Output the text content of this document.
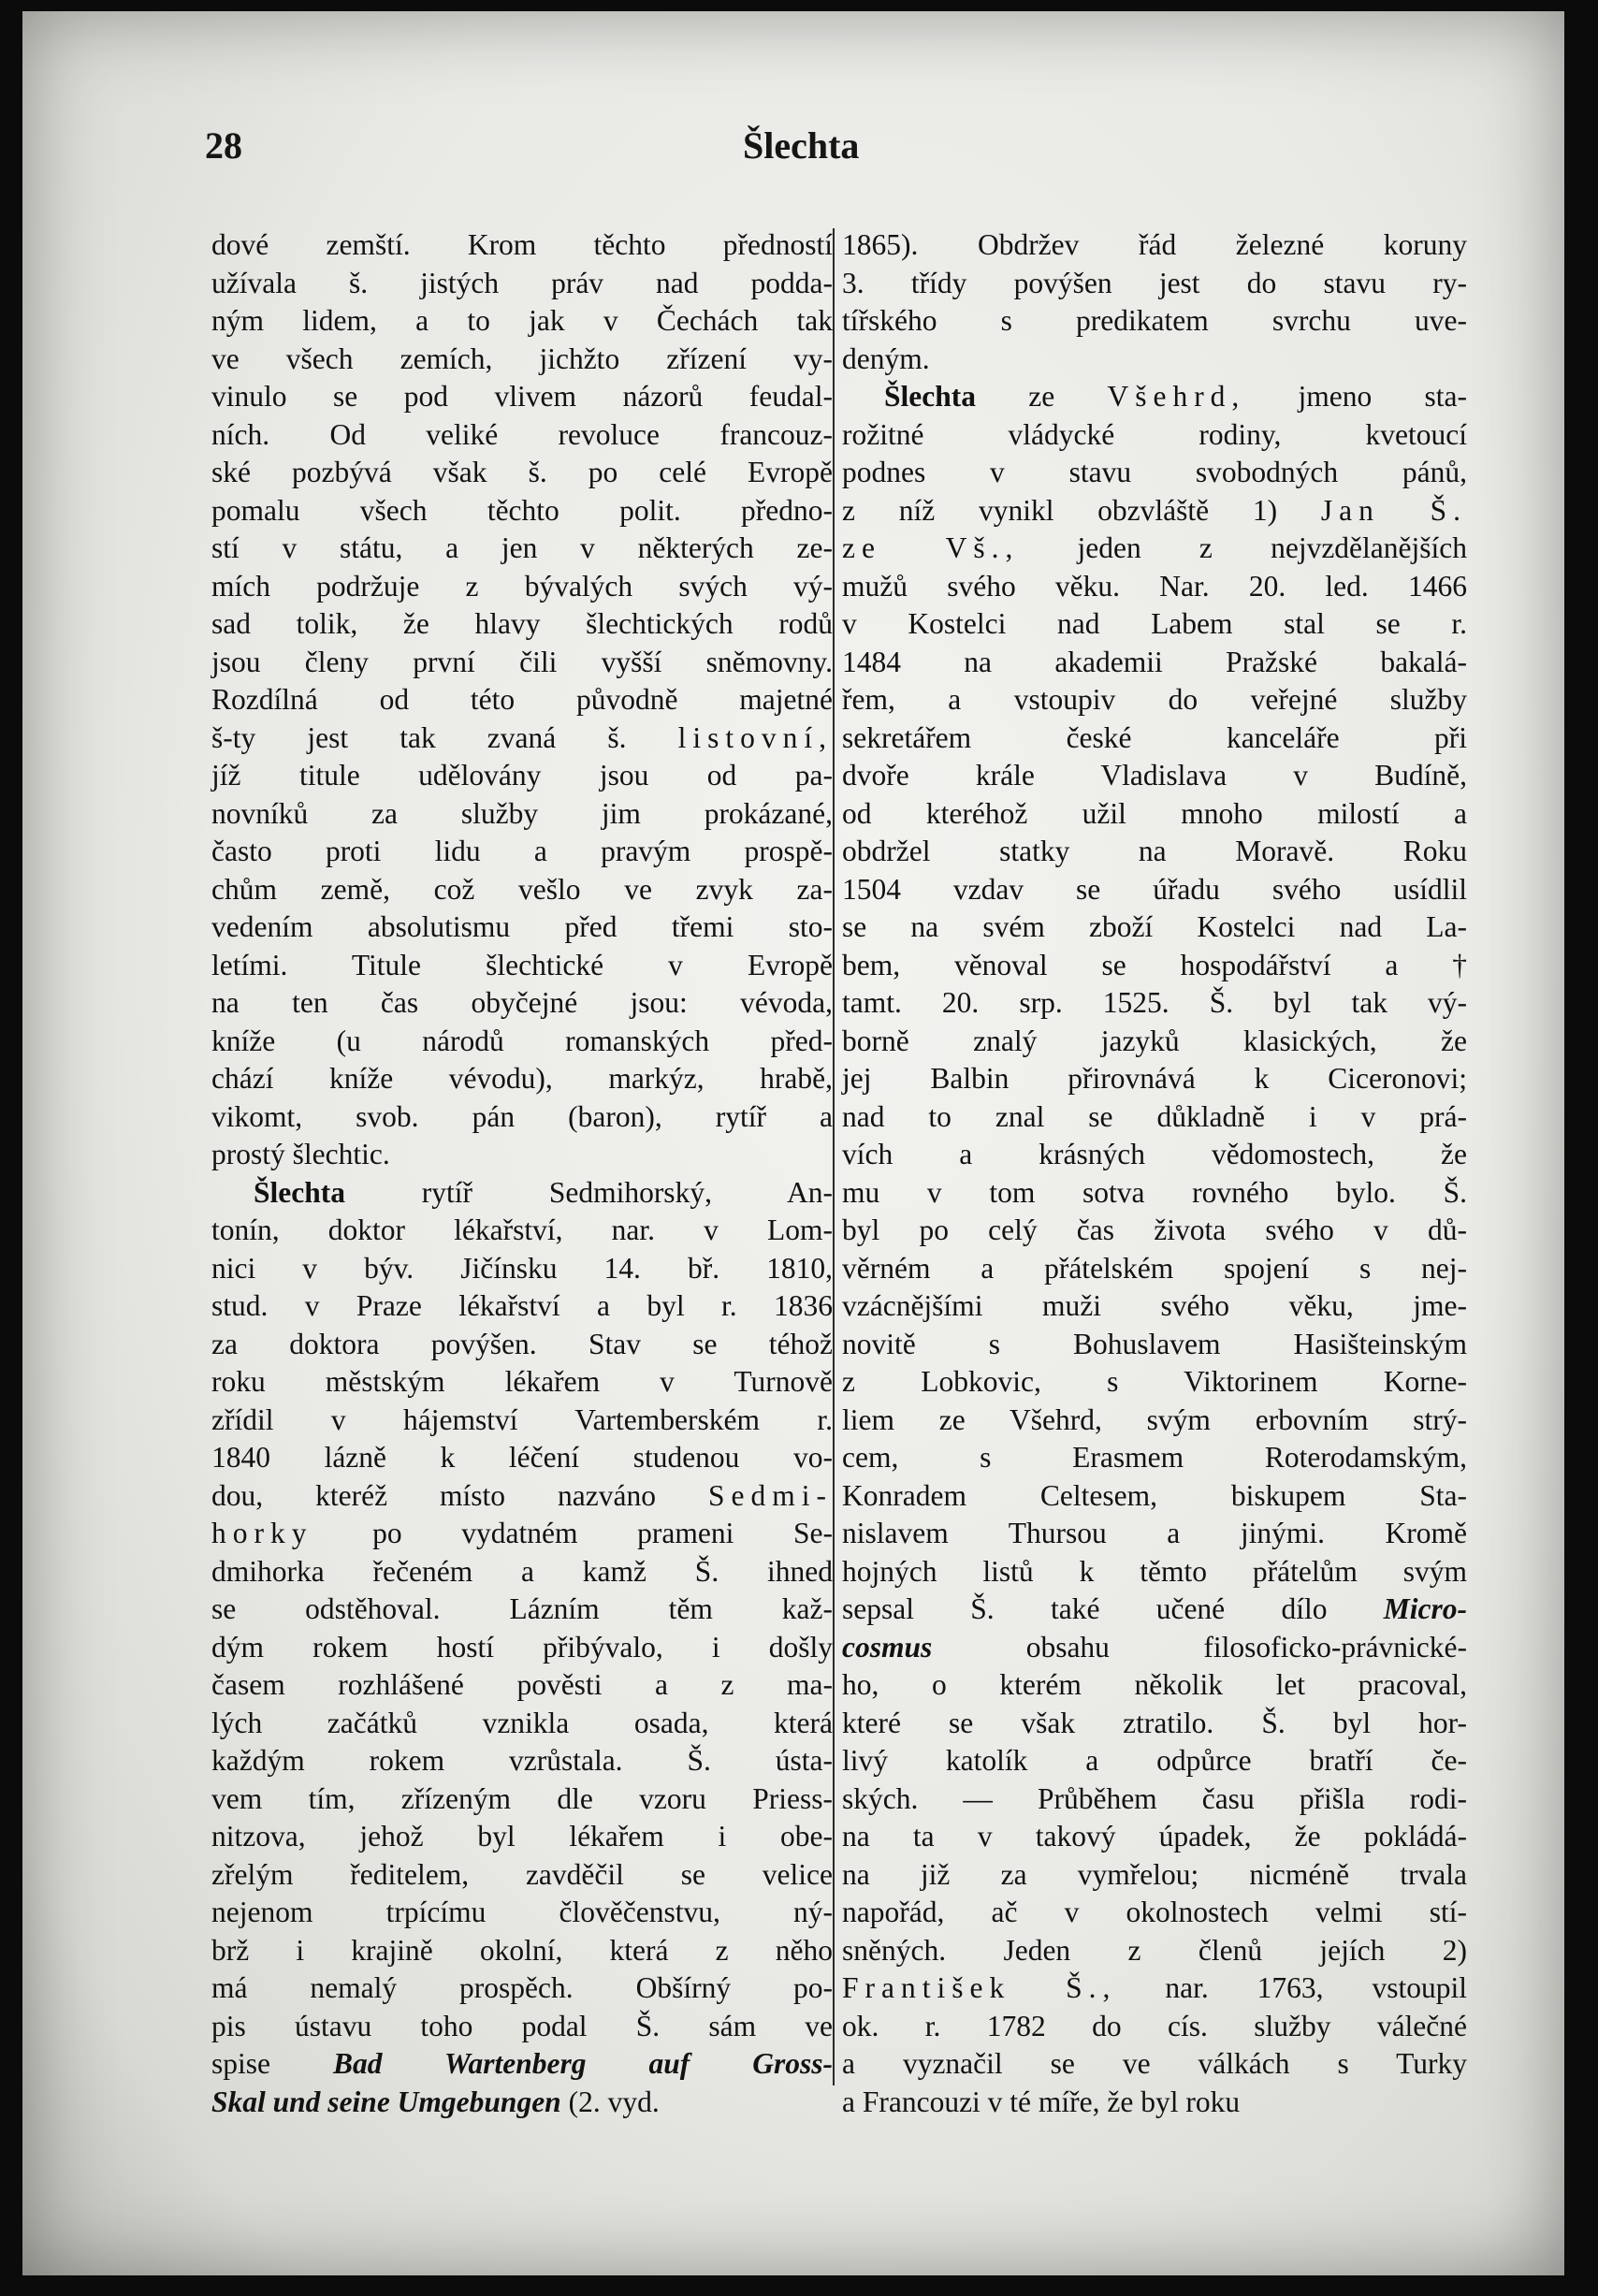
28	Šlechta
dové zemští. Krom těchto předností
užívala š. jistých práv nad podda-
ným lidem, a to jak v Čechách tak
ve všech zemích, jichžto zřízení vy-
vinulo se pod vlivem názorů feudal-
ních. Od veliké revoluce francouz-
ské pozbývá však š. po celé Evropě
pomalu všech těchto polit. předno-
stí v státu, a jen v některých ze-
mích podržuje z bývalých svých vý-
sad tolik, že hlavy šlechtických rodů
jsou členy první čili vyšší sněmovny.
Rozdílná od této původně majetné
š-ty jest tak zvaná š. listovní,
jíž titule udělovány jsou od pa-
novníků za služby jim prokázané,
často proti lidu a pravým prospě-
chům země, což vešlo ve zvyk za-
vedením absolutismu před třemi sto-
letími. Titule šlechtické v Evropě
na ten čas obyčejné jsou: vévoda,
kníže (u národů romanských před-
chází kníže vévodu), markýz, hrabě,
vikomt, svob. pán (baron), rytíř a
prostý šlechtic.
Šlechta rytíř Sedmihorský, An-
tonín, doktor lékařství, nar. v Lom-
nici v býv. Jičínsku 14. bř. 1810,
stud. v Praze lékařství a byl r. 1836
za doktora povýšen. Stav se téhož
roku městským lékařem v Turnově
zřídil v hájemství Vartemberském r.
1840 lázně k léčení studenou vo-
dou, kteréž místo nazváno Sedmi-
horky po vydatném prameni Se-
dmihorka řečeném a kamž Š. ihned
se odstěhoval. Lázním těm kaž-
dým rokem hostí přibývalo, i došly
časem rozhlášené pověsti a z ma-
lých začátků vznikla osada, která
každým rokem vzrůstala. Š. ústa-
vem tím, zřízeným dle vzoru Priess-
nitzova, jehož byl lékařem i obe-
zřelým ředitelem, zavděčil se velice
nejenom trpícímu člověčenstvu, ný-
brž i krajině okolní, která z něho
má nemalý prospěch. Obšírný po-
pis ústavu toho podal Š. sám ve
spise Bad Wartenberg auf Gross-
Skal und seine Umgebungen (2. vyd.
1865). Obdržev řád železné koruny
3. třídy povýšen jest do stavu ry-
tířského s predikatem svrchu uve-
deným.
Šlechta ze Všehrd, jmeno sta-
rožitné vládycké rodiny, kvetoucí
podnes v stavu svobodných pánů,
z níž vynikl obzvláště 1) Jan Š.
ze Vš., jeden z nejvzdělanějších
mužů svého věku. Nar. 20. led. 1466
v Kostelci nad Labem stal se r.
1484 na akademii Pražské bakalá-
řem, a vstoupiv do veřejné služby
sekretářem české kanceláře při
dvoře krále Vladislava v Budíně,
od kteréhož užil mnoho milostí a
obdržel statky na Moravě. Roku
1504 vzdav se úřadu svého usídlil
se na svém zboží Kostelci nad La-
bem, věnoval se hospodářství a †
tamt. 20. srp. 1525. Š. byl tak vý-
borně znalý jazyků klasických, že
jej Balbin přirovnává k Ciceronovi;
nad to znal se důkladně i v prá-
vích a krásných vědomostech, že
mu v tom sotva rovného bylo. Š.
byl po celý čas života svého v dů-
věrném a přátelském spojení s nej-
vzácnějšími muži svého věku, jme-
novitě s Bohuslavem Hasišteinským
z Lobkovic, s Viktorinem Korne-
liem ze Všehrd, svým erbovním strý-
cem, s Erasmem Roterodamským,
Konradem Celtesem, biskupem Sta-
nislavem Thursou a jinými. Kromě
hojných listů k těmto přátelům svým
sepsal Š. také učené dílo Micro-
cosmus obsahu filosoficko-právnické-
ho, o kterém několik let pracoval,
které se však ztratilo. Š. byl hor-
livý katolík a odpůrce bratří če-
ských. — Průběhem času přišla rodi-
na ta v takový úpadek, že pokládá-
na již za vymřelou; nicméně trvala
napořád, ač v okolnostech velmi stí-
sněných. Jeden z členů jejích 2)
František Š., nar. 1763, vstoupil
ok. r. 1782 do cís. služby válečné
a vyznačil se ve válkách s Turky
a Francouzi v té míře, že byl roku
